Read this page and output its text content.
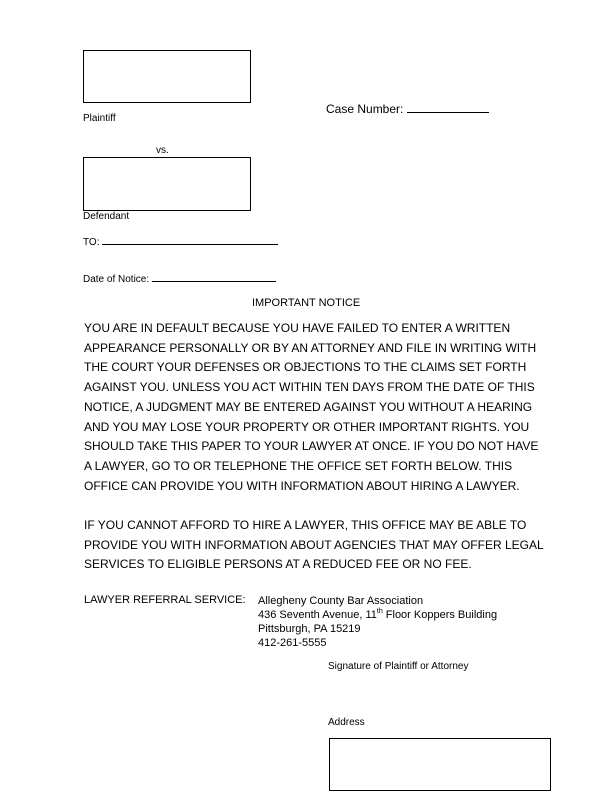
Plaintiff
Case Number:
vs.
Defendant
TO:
Date of Notice:
IMPORTANT NOTICE
YOU ARE IN DEFAULT BECAUSE YOU HAVE FAILED TO ENTER A WRITTEN
APPEARANCE PERSONALLY OR BY AN ATTORNEY AND FILE IN WRITING WITH
THE COURT YOUR DEFENSES OR OBJECTIONS TO THE CLAIMS SET FORTH
AGAINST YOU. UNLESS YOU ACT WITHIN TEN DAYS FROM THE DATE OF THIS
NOTICE, A JUDGMENT MAY BE ENTERED AGAINST YOU WITHOUT A HEARING
AND YOU MAY LOSE YOUR PROPERTY OR OTHER IMPORTANT RIGHTS. YOU
SHOULD TAKE THIS PAPER TO YOUR LAWYER AT ONCE. IF YOU DO NOT HAVE
A LAWYER, GO TO OR TELEPHONE THE OFFICE SET FORTH BELOW. THIS
OFFICE CAN PROVIDE YOU WITH INFORMATION ABOUT HIRING A LAWYER.
IF YOU CANNOT AFFORD TO HIRE A LAWYER, THIS OFFICE MAY BE ABLE TO
PROVIDE YOU WITH INFORMATION ABOUT AGENCIES THAT MAY OFFER LEGAL
SERVICES TO ELIGIBLE PERSONS AT A REDUCED FEE OR NO FEE.
LAWYER REFERRAL SERVICE: Allegheny County Bar Association
436 Seventh Avenue, 11th Floor Koppers Building
Pittsburgh, PA 15219
412-261-5555
Signature of Plaintiff or Attorney
Address
